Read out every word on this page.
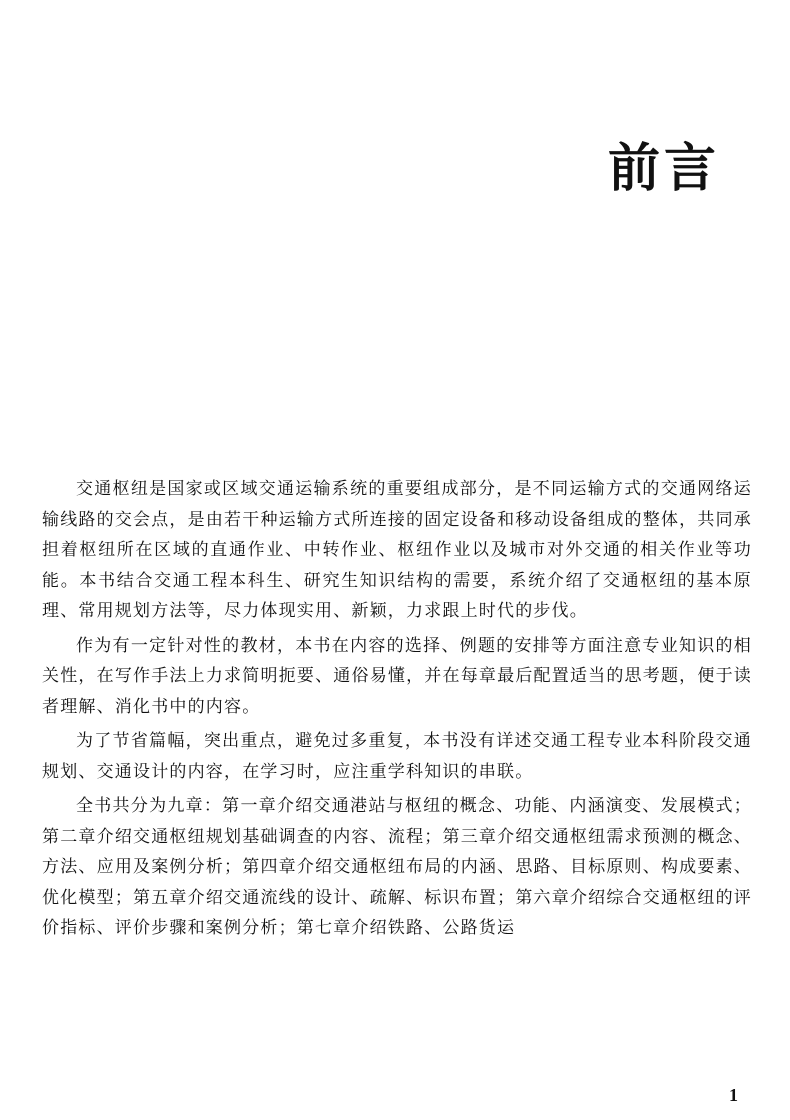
前言

交通枢纽是国家或区域交通运输系统的重要组成部分，是不同运输方式的交通网络运输线路的交会点，是由若干种运输方式所连接的固定设备和移动设备组成的整体，共同承担着枢纽所在区域的直通作业、中转作业、枢纽作业以及城市对外交通的相关作业等功能。本书结合交通工程本科生、研究生知识结构的需要，系统介绍了交通枢纽的基本原理、常用规划方法等，尽力体现实用、新颖，力求跟上时代的步伐。

作为有一定针对性的教材，本书在内容的选择、例题的安排等方面注意专业知识的相关性，在写作手法上力求简明扼要、通俗易懂，并在每章最后配置适当的思考题，便于读者理解、消化书中的内容。

为了节省篇幅，突出重点，避免过多重复，本书没有详述交通工程专业本科阶段交通规划、交通设计的内容，在学习时，应注重学科知识的串联。

全书共分为九章：第一章介绍交通港站与枢纽的概念、功能、内涵演变、发展模式；第二章介绍交通枢纽规划基础调查的内容、流程；第三章介绍交通枢纽需求预测的概念、方法、应用及案例分析；第四章介绍交通枢纽布局的内涵、思路、目标原则、构成要素、优化模型；第五章介绍交通流线的设计、疏解、标识布置；第六章介绍综合交通枢纽的评价指标、评价步骤和案例分析；第七章介绍铁路、公路货运

1
